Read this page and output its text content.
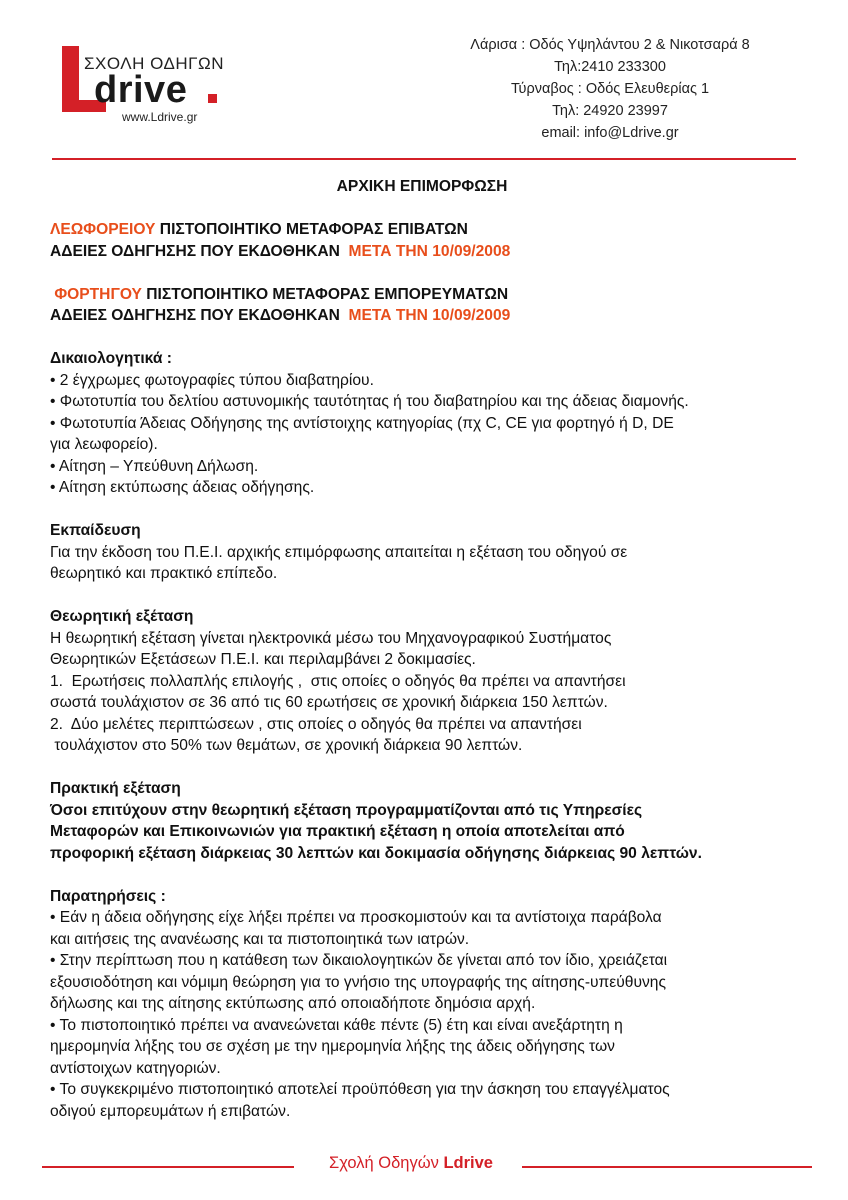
ΣΧΟΛΗ ΟΔΗΓΩΝ
drive
www.Ldrive.gr
Λάρισα : Οδός Υψηλάντου 2 & Νικοτσαρά 8
Τηλ:2410 233300
Τύρναβος : Οδός Ελευθερίας 1
Τηλ: 24920 23997
email: info@Ldrive.gr
ΑΡΧΙΚΗ ΕΠΙΜΟΡΦΩΣΗ
ΛΕΩΦΟΡΕΙΟΥ ΠΙΣΤΟΠΟΙΗΤΙΚΟ ΜΕΤΑΦΟΡΑΣ ΕΠΙΒΑΤΩΝ
ΑΔΕΙΕΣ ΟΔΗΓΗΣΗΣ ΠΟΥ ΕΚΔΟΘΗΚΑΝ  ΜΕΤΑ ΤΗΝ 10/09/2008
ΦΟΡΤΗΓΟΥ ΠΙΣΤΟΠΟΙΗΤΙΚΟ ΜΕΤΑΦΟΡΑΣ ΕΜΠΟΡΕΥΜΑΤΩΝ
ΑΔΕΙΕΣ ΟΔΗΓΗΣΗΣ ΠΟΥ ΕΚΔΟΘΗΚΑΝ  ΜΕΤΑ ΤΗΝ 10/09/2009
Δικαιολογητικά :
• 2 έγχρωμες φωτογραφίες τύπου διαβατηρίου.
• Φωτοτυπία του δελτίου αστυνομικής ταυτότητας ή του διαβατηρίου και της άδειας διαμονής.
• Φωτοτυπία Άδειας Οδήγησης της αντίστοιχης κατηγορίας (πχ C, CE για φορτηγό ή D, DE
για λεωφορείο).
• Αίτηση – Υπεύθυνη Δήλωση.
• Αίτηση εκτύπωσης άδειας οδήγησης.
Εκπαίδευση
Για την έκδοση του Π.Ε.Ι. αρχικής επιμόρφωσης απαιτείται η εξέταση του οδηγού σε
θεωρητικό και πρακτικό επίπεδο.
Θεωρητική εξέταση
Η θεωρητική εξέταση γίνεται ηλεκτρονικά μέσω του Μηχανογραφικού Συστήματος
Θεωρητικών Εξετάσεων Π.Ε.Ι. και περιλαμβάνει 2 δοκιμασίες.
1.  Ερωτήσεις πολλαπλής επιλογής ,  στις οποίες ο οδηγός θα πρέπει να απαντήσει
σωστά τουλάχιστον σε 36 από τις 60 ερωτήσεις σε χρονική διάρκεια 150 λεπτών.
2.  Δύο μελέτες περιπτώσεων , στις οποίες ο οδηγός θα πρέπει να απαντήσει
τουλάχιστον στο 50% των θεμάτων, σε χρονική διάρκεια 90 λεπτών.
Πρακτική εξέταση
Όσοι επιτύχουν στην θεωρητική εξέταση προγραμματίζονται από τις Υπηρεσίες
Μεταφορών και Επικοινωνιών για πρακτική εξέταση η οποία αποτελείται από
προφορική εξέταση διάρκειας 30 λεπτών και δοκιμασία οδήγησης διάρκειας 90 λεπτών.
Παρατηρήσεις :
• Εάν η άδεια οδήγησης είχε λήξει πρέπει να προσκομιστούν και τα αντίστοιχα παράβολα
και αιτήσεις της ανανέωσης και τα πιστοποιητικά των ιατρών.
• Στην περίπτωση που η κατάθεση των δικαιολογητικών δε γίνεται από τον ίδιο, χρειάζεται
εξουσιοδότηση και νόμιμη θεώρηση για το γνήσιο της υπογραφής της αίτησης-υπεύθυνης
δήλωσης και της αίτησης εκτύπωσης από οποιαδήποτε δημόσια αρχή.
• Το πιστοποιητικό πρέπει να ανανεώνεται κάθε πέντε (5) έτη και είναι ανεξάρτητη η
ημερομηνία λήξης του σε σχέση με την ημερομηνία λήξης της άδεις οδήγησης των
αντίστοιχων κατηγοριών.
• Το συγκεκριμένο πιστοποιητικό αποτελεί προϋπόθεση για την άσκηση του επαγγέλματος
οδιγού εμπορευμάτων ή επιβατών.
Σχολή Οδηγών Ldrive
